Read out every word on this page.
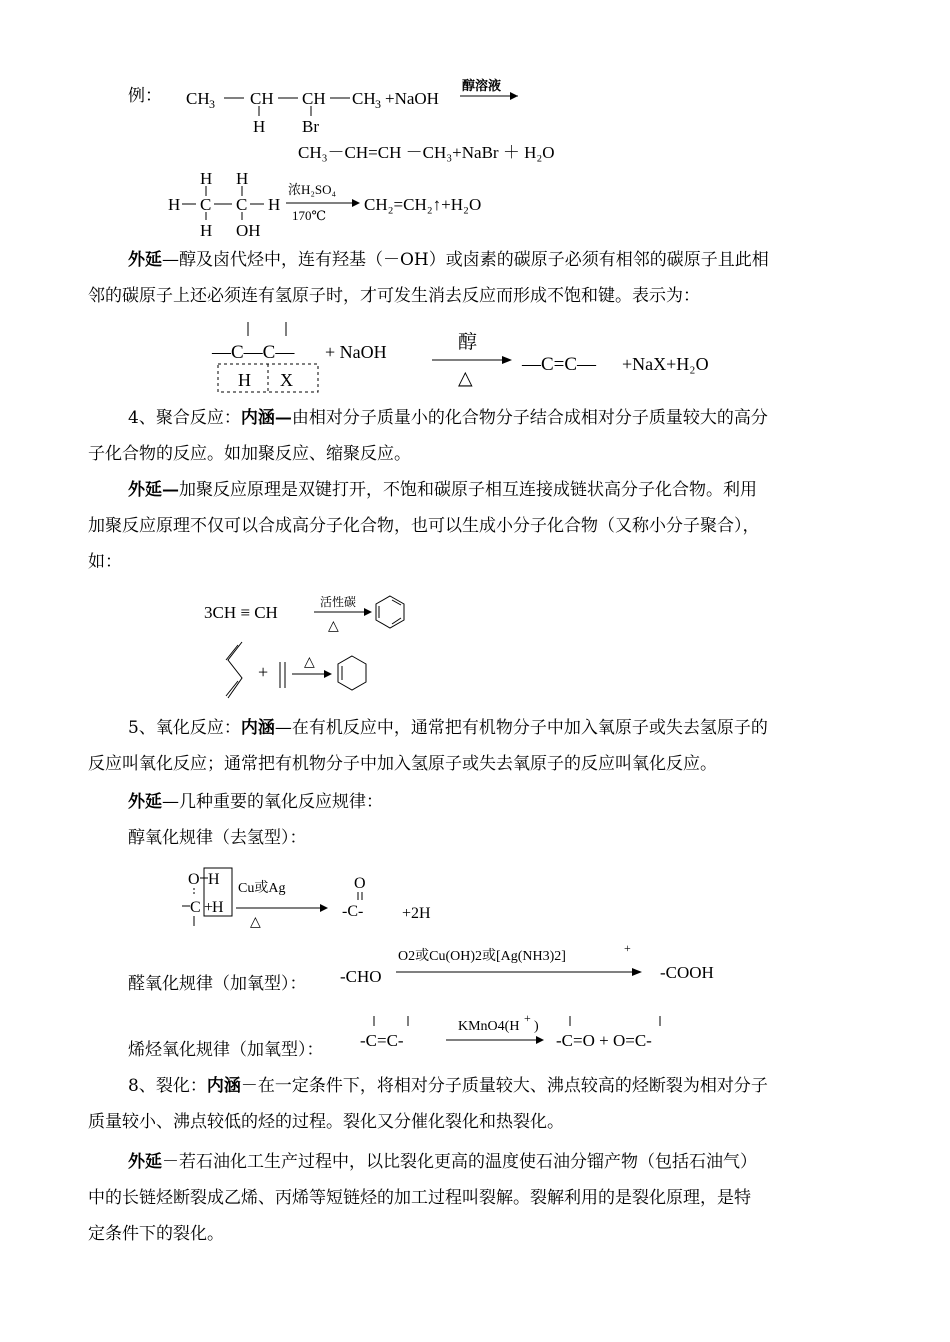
例： CH 3 CH CH CH 3 +NaOH
醇溶液
H Br
CH₃－CH=CH －CH₃+NaBr ＋ H₂O
H H
H C C H
H OH
浓H₂SO₄
170℃
CH₂=CH₂↑+H₂O
外延—醇及卤代烃中，连有羟基（－OH）或卤素的碳原子必须有相邻的碳原子且此相
邻的碳原子上还必须连有氢原子时，才可发生消去反应而形成不饱和键。表示为：
—C—C— + NaOH
H X
醇
△
—C=C— +NaX+H₂O
4、聚合反应：内涵—由相对分子质量小的化合物分子结合成相对分子质量较大的高分
子化合物的反应。如加聚反应、缩聚反应。
外延—加聚反应原理是双键打开，不饱和碳原子相互连接成链状高分子化合物。利用
加聚反应原理不仅可以合成高分子化合物，也可以生成小分子化合物（又称小分子聚合），
如：
3CH ≡ CH
活性碳
△
+	△
5、氧化反应：内涵—在有机反应中，通常把有机物分子中加入氧原子或失去氢原子的
反应叫氧化反应；通常把有机物分子中加入氢原子或失去氧原子的反应叫氧化反应。
外延—几种重要的氧化反应规律：
醇氧化规律（去氢型）：
O H
C +
H
Cu或Ag
△
O
-C- +2H
醛氧化规律（加氧型）： -CHO
O2或Cu(OH)2或[Ag(NH3)2]
+
-COOH
烯烃氧化规律（加氧型）： -C=C-
KMnO4(H
+
)
-C=O + O=C-
8、裂化：内涵－在一定条件下，将相对分子质量较大、沸点较高的烃断裂为相对分子
质量较小、沸点较低的烃的过程。裂化又分催化裂化和热裂化。
外延－若石油化工生产过程中，以比裂化更高的温度使石油分镏产物（包括石油气）
中的长链烃断裂成乙烯、丙烯等短链烃的加工过程叫裂解。裂解利用的是裂化原理，是特
定条件下的裂化。
